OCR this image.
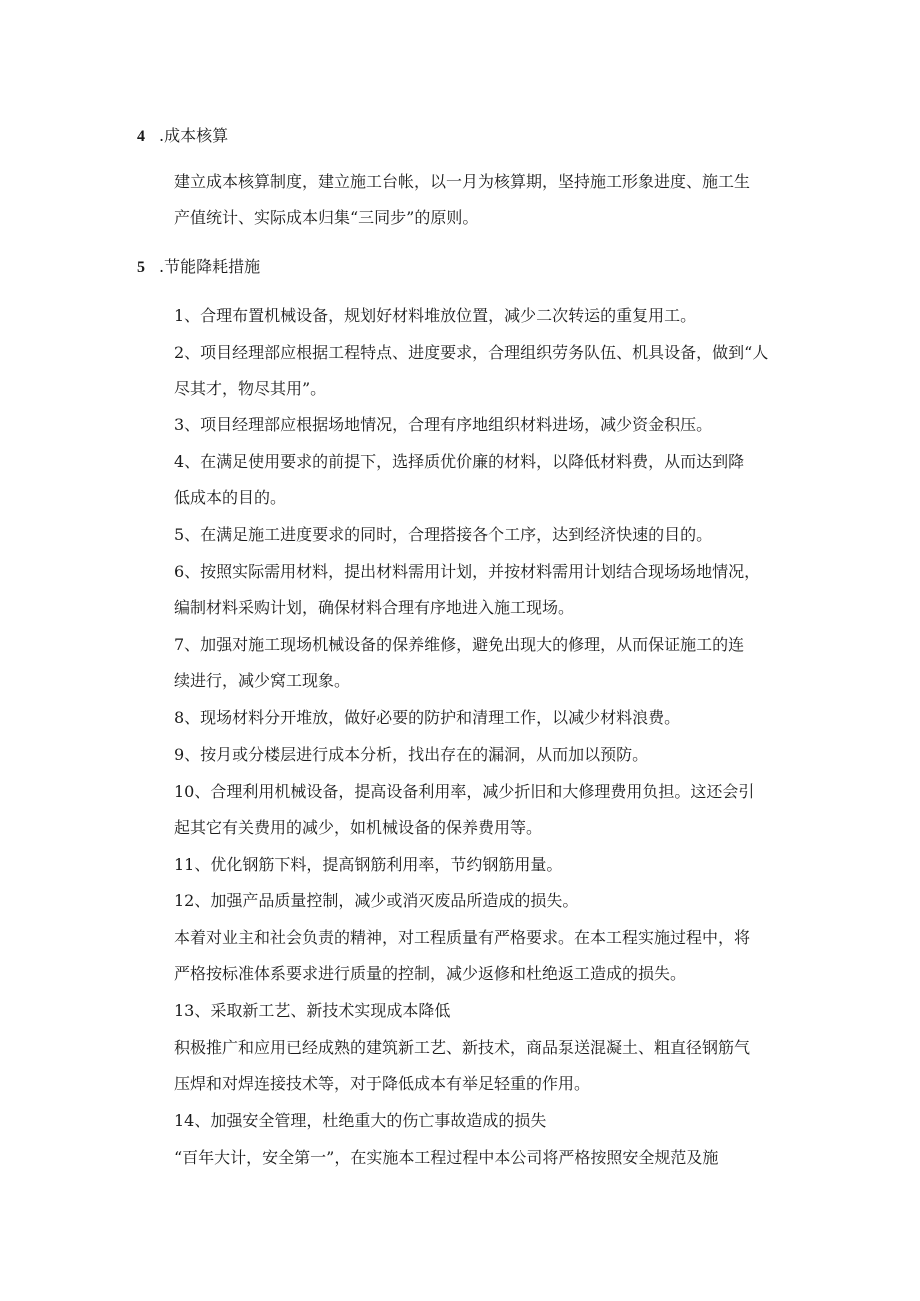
4 .成本核算
建立成本核算制度，建立施工台帐，以一月为核算期，坚持施工形象进度、施工生
产值统计、实际成本归集“三同步”的原则。
5 .节能降耗措施
1、合理布置机械设备，规划好材料堆放位置，减少二次转运的重复用工。
2、项目经理部应根据工程特点、进度要求，合理组织劳务队伍、机具设备，做到“人
尽其才，物尽其用”。
3、项目经理部应根据场地情况，合理有序地组织材料进场，减少资金积压。
4、在满足使用要求的前提下，选择质优价廉的材料，以降低材料费，从而达到降
低成本的目的。
5、在满足施工进度要求的同时，合理搭接各个工序，达到经济快速的目的。
6、按照实际需用材料，提出材料需用计划，并按材料需用计划结合现场场地情况，
编制材料采购计划，确保材料合理有序地进入施工现场。
7、加强对施工现场机械设备的保养维修，避免出现大的修理，从而保证施工的连
续进行，减少窝工现象。
8、现场材料分开堆放，做好必要的防护和清理工作，以减少材料浪费。
9、按月或分楼层进行成本分析，找出存在的漏洞，从而加以预防。
10、合理利用机械设备，提高设备利用率，减少折旧和大修理费用负担。这还会引
起其它有关费用的减少，如机械设备的保养费用等。
11、优化钢筋下料，提高钢筋利用率，节约钢筋用量。
12、加强产品质量控制，减少或消灭废品所造成的损失。
本着对业主和社会负责的精神，对工程质量有严格要求。在本工程实施过程中，将
严格按标准体系要求进行质量的控制，减少返修和杜绝返工造成的损失。
13、采取新工艺、新技术实现成本降低
积极推广和应用已经成熟的建筑新工艺、新技术，商品泵送混凝土、粗直径钢筋气
压焊和对焊连接技术等，对于降低成本有举足轻重的作用。
14、加强安全管理，杜绝重大的伤亡事故造成的损失
“百年大计，安全第一”，在实施本工程过程中本公司将严格按照安全规范及施
